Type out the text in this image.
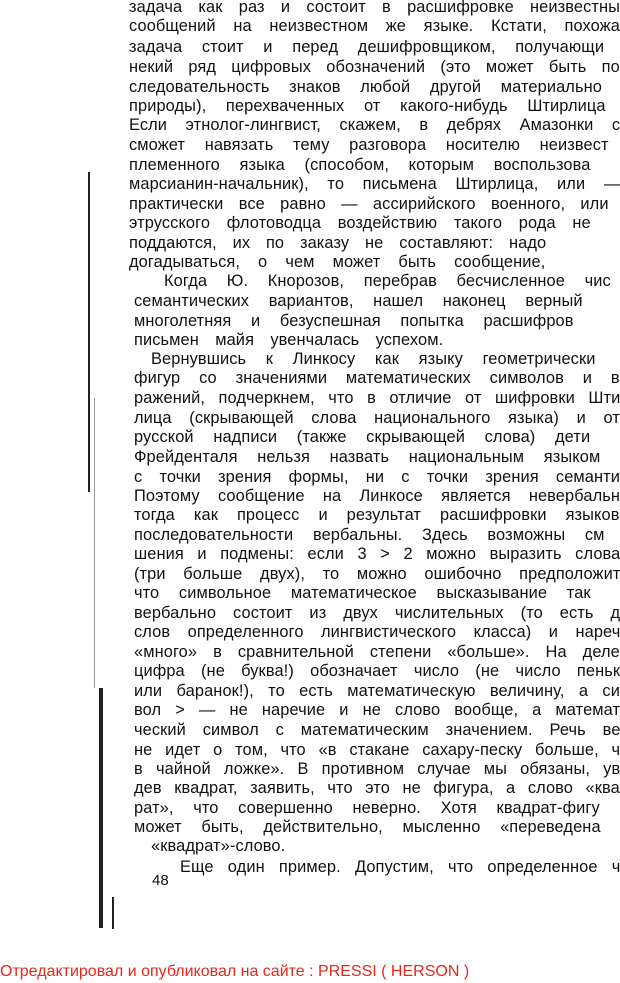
задача как раз и состоит в расшифровке неизвестны
сообщений на неизвестном же языке. Кстати, похожа
задача стоит и перед дешифровщиком, получающи
некий ряд цифровых обозначений (это может быть по
следовательность знаков любой другой материально
природы), перехваченных от какого-нибудь Штирлица
Если этнолог-лингвист, скажем, в дебрях Амазонки с
сможет навязать тему разговора носителю неизвест
племенного языка (способом, которым воспользова
марсианин-начальник), то письмена Штирлица, или —
практически все равно — ассирийского военного, или
этрусского флотоводца воздействию такого рода не
поддаются, их по заказу не составляют: надо
догадываться, о чем может быть сообщение,
Когда Ю. Кнорозов, перебрав бесчисленное чис
семантических вариантов, нашел наконец верный
многолетняя и безуспешная попытка расшифров
письмен майя увенчалась успехом.
Вернувшись к Линкосу как языку геометрически
фигур со значениями математических символов и в
ражений, подчеркнем, что в отличие от шифровки Шти
лица (скрывающей слова национального языка) и от
русской надписи (также скрывающей слова) дети
Фрейденталя нельзя назвать национальным языком
с точки зрения формы, ни с точки зрения семанти
Поэтому сообщение на Линкосе является невербальн
тогда как процесс и результат расшифровки языков
последовательности вербальны. Здесь возможны см
шения и подмены: если 3 > 2 можно выразить слова
(три больше двух), то можно ошибочно предположит
что символьное математическое высказывание так
вербально состоит из двух числительных (то есть д
слов определенного лингвистического класса) и нареч
«много» в сравнительной степени «больше». На деле
цифра (не буква!) обозначает число (не число пеньк
или баранок!), то есть математическую величину, а си
вол > — не наречие и не слово вообще, а математ
ческий символ с математическим значением. Речь ве
не идет о том, что «в стакане сахару-песку больше, ч
в чайной ложке». В противном случае мы обязаны, ув
дев квадрат, заявить, что это не фигура, а слово «ква
рат», что совершенно неверно. Хотя квадрат-фигу
может быть, действительно, мысленно «переведена
«квадрат»-слово.
Еще один пример. Допустим, что определенное ч
48
Отредактировал и опубликовал на сайте : PRESSI ( HERSON )
